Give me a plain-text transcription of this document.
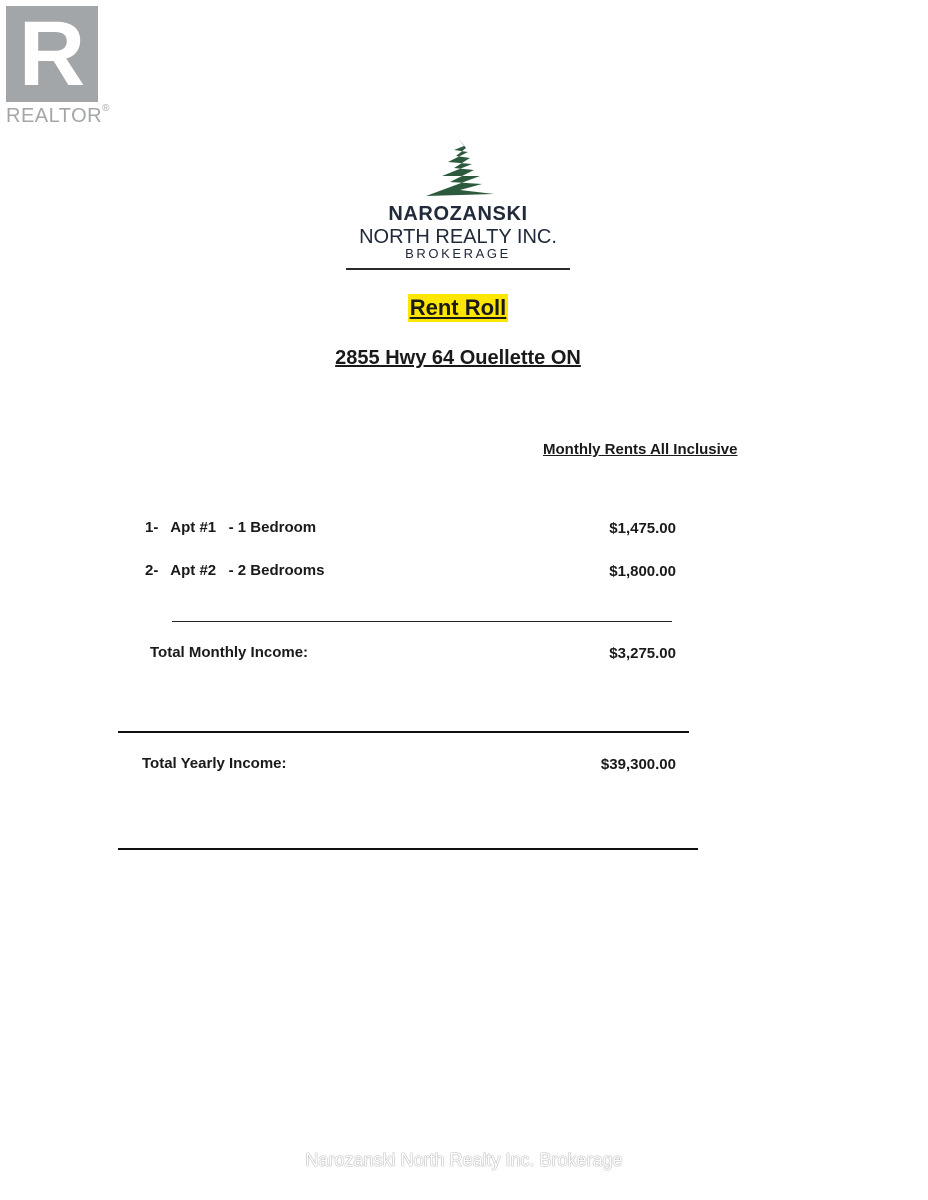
R
REALTOR®
NAROZANSKI
NORTH REALTY INC.
BROKERAGE
Rent Roll
2855 Hwy 64 Ouellette ON
Monthly Rents All Inclusive
1-   Apt #1   - 1 Bedroom	$1,475.00
2-   Apt #2   - 2 Bedrooms	$1,800.00
Total Monthly Income:	$3,275.00
Total Yearly Income:	$39,300.00
Narozanski North Realty Inc. Brokerage
